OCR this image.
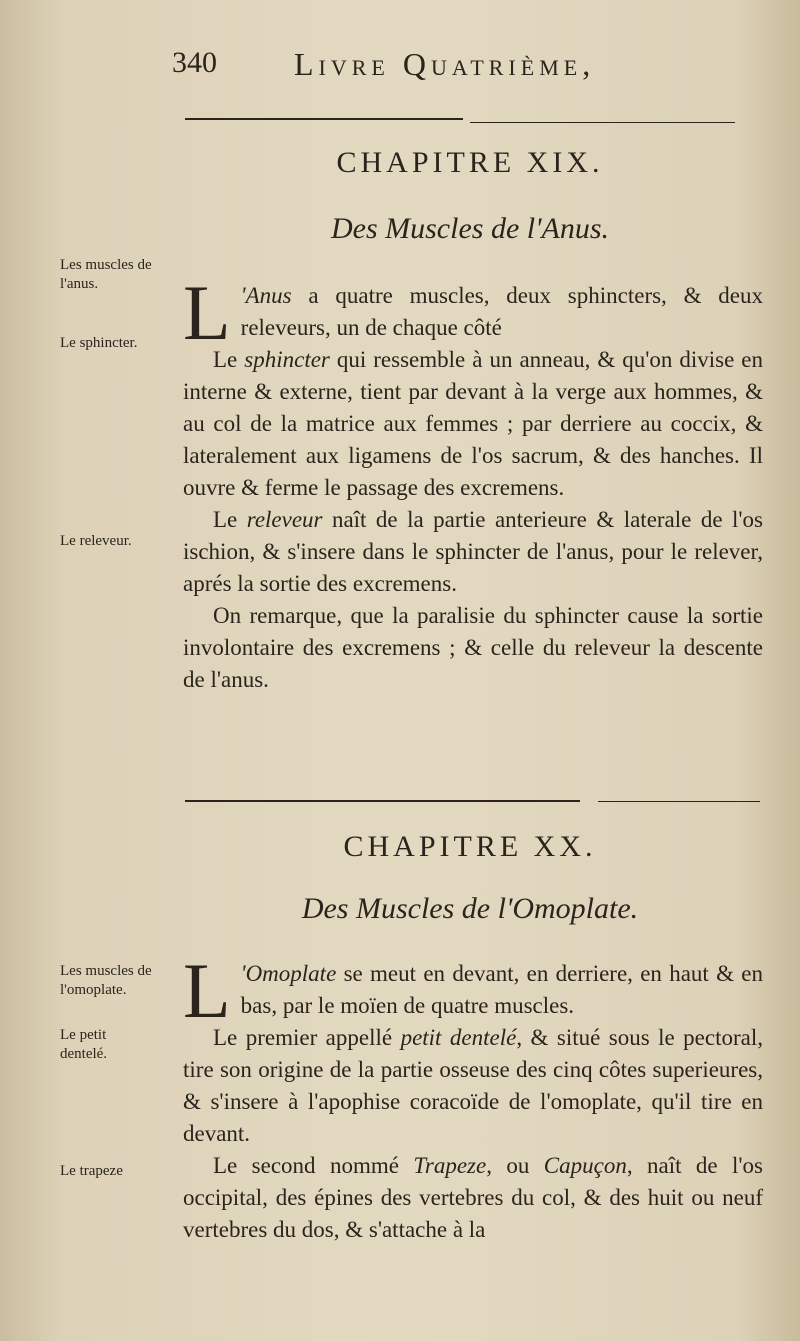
340 Livre Quatrième,
CHAPITRE XIX.
Des Muscles de l'Anus.
Les muscles de l'anus.
Le sphincter.
Le releveur.

L 'Anus a quatre muscles, deux sphincters, & deux releveurs, un de chaque côté

Le sphincter qui ressemble à un anneau, & qu'on divise en interne & externe, tient par devant à la verge aux hommes, & au col de la matrice aux femmes ; par derriere au coccix, & lateralement aux ligamens de l'os sacrum, & des hanches. Il ouvre & ferme le passage des excremens.

Le releveur naît de la partie anterieure & laterale de l'os ischion, & s'insere dans le sphincter de l'anus, pour le relever, aprés la sortie des excremens.

On remarque, que la paralisie du sphincter cause la sortie involontaire des excremens ; & celle du releveur la descente de l'anus.

CHAPITRE XX.
Des Muscles de l'Omoplate.
Les muscles de l'omoplate.
Le petit dentelé.
Le trapeze

L 'Omoplate se meut en devant, en derriere, en haut & en bas, par le moïen de quatre muscles.

Le premier appellé petit dentelé, & situé sous le pectoral, tire son origine de la partie osseuse des cinq côtes superieures, & s'insere à l'apophise coracoïde de l'omoplate, qu'il tire en devant.

Le second nommé Trapeze, ou Capuçon, naît de l'os occipital, des épines des vertebres du col, & des huit ou neuf vertebres du dos, & s'attache à la
